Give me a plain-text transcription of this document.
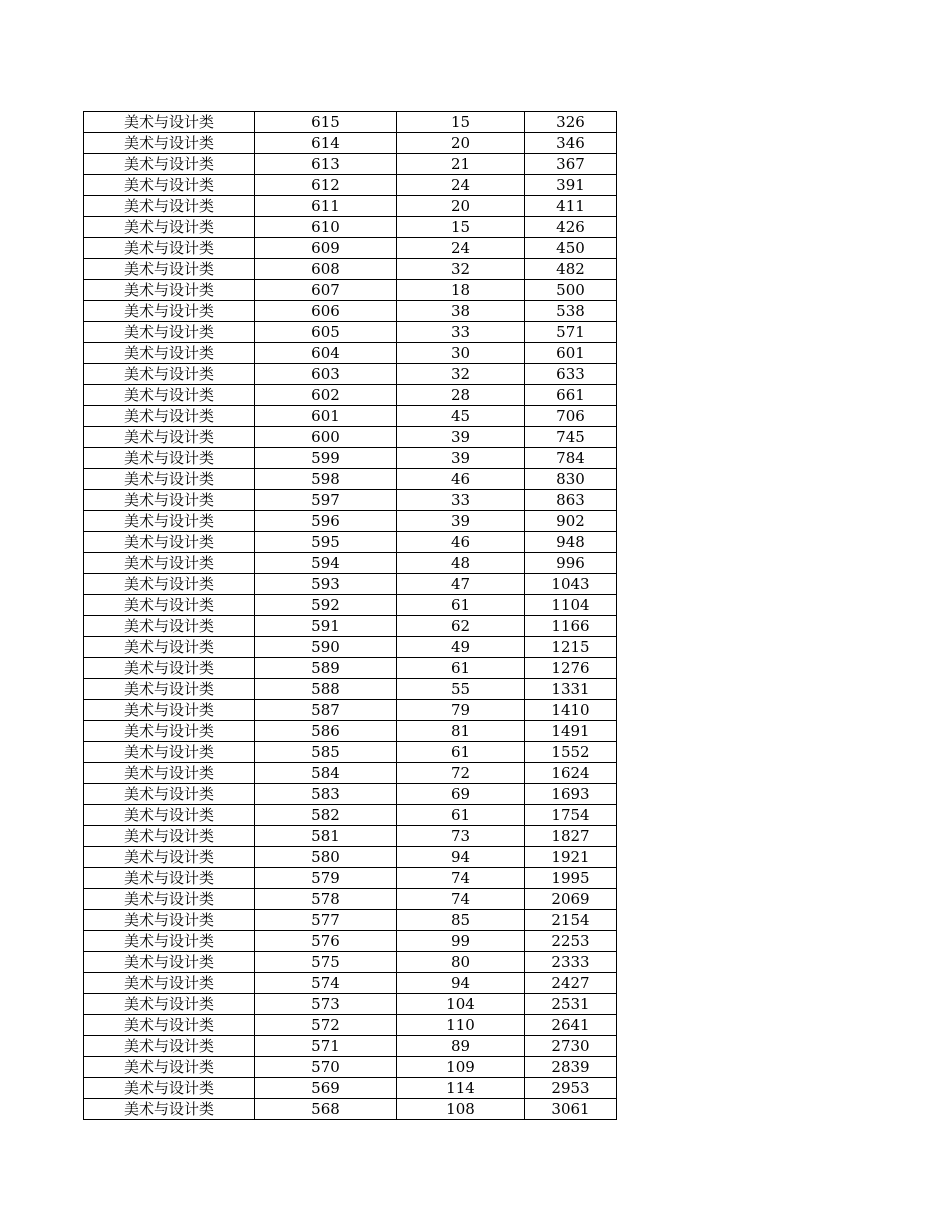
美术与设计类	615	15	326
美术与设计类	614	20	346
美术与设计类	613	21	367
美术与设计类	612	24	391
美术与设计类	611	20	411
美术与设计类	610	15	426
美术与设计类	609	24	450
美术与设计类	608	32	482
美术与设计类	607	18	500
美术与设计类	606	38	538
美术与设计类	605	33	571
美术与设计类	604	30	601
美术与设计类	603	32	633
美术与设计类	602	28	661
美术与设计类	601	45	706
美术与设计类	600	39	745
美术与设计类	599	39	784
美术与设计类	598	46	830
美术与设计类	597	33	863
美术与设计类	596	39	902
美术与设计类	595	46	948
美术与设计类	594	48	996
美术与设计类	593	47	1043
美术与设计类	592	61	1104
美术与设计类	591	62	1166
美术与设计类	590	49	1215
美术与设计类	589	61	1276
美术与设计类	588	55	1331
美术与设计类	587	79	1410
美术与设计类	586	81	1491
美术与设计类	585	61	1552
美术与设计类	584	72	1624
美术与设计类	583	69	1693
美术与设计类	582	61	1754
美术与设计类	581	73	1827
美术与设计类	580	94	1921
美术与设计类	579	74	1995
美术与设计类	578	74	2069
美术与设计类	577	85	2154
美术与设计类	576	99	2253
美术与设计类	575	80	2333
美术与设计类	574	94	2427
美术与设计类	573	104	2531
美术与设计类	572	110	2641
美术与设计类	571	89	2730
美术与设计类	570	109	2839
美术与设计类	569	114	2953
美术与设计类	568	108	3061
